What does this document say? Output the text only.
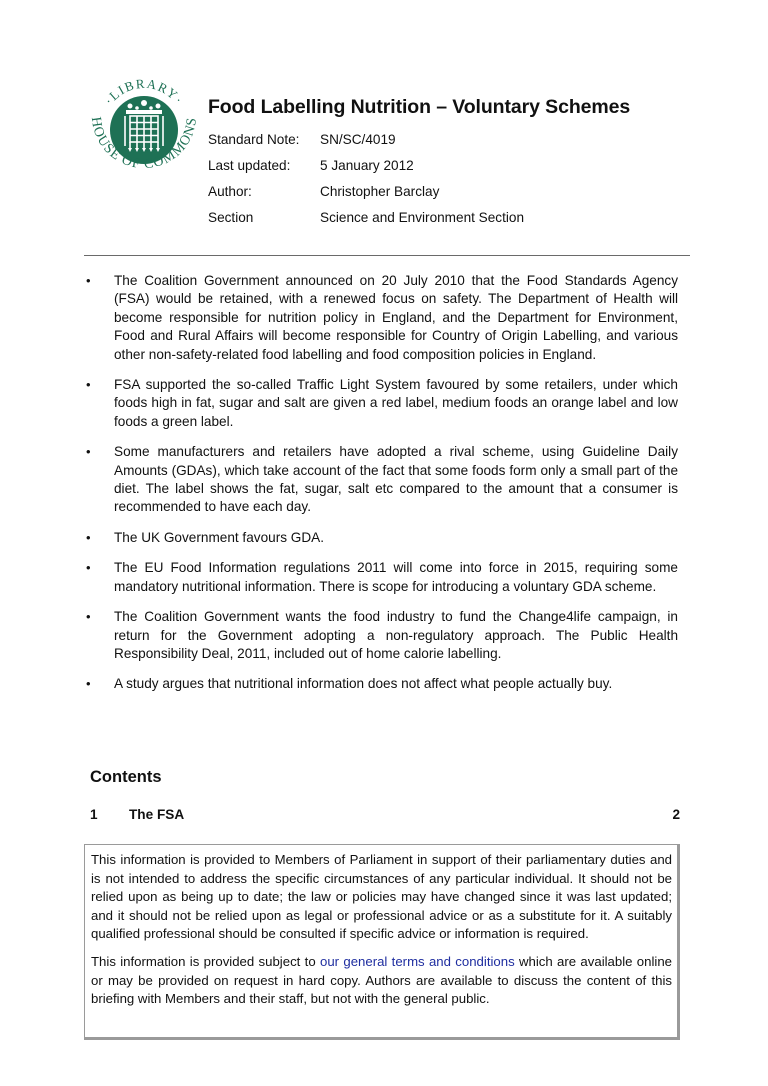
·LIBRARY·
HOUSE OF COMMONS
Food Labelling Nutrition – Voluntary Schemes
Standard Note:	SN/SC/4019
Last updated:	5 January 2012
Author:	Christopher Barclay
Section	Science and Environment Section
• The Coalition Government announced on 20 July 2010 that the Food Standards Agency (FSA) would be retained, with a renewed focus on safety. The Department of Health will become responsible for nutrition policy in England, and the Department for Environment, Food and Rural Affairs will become responsible for Country of Origin Labelling, and various other non-safety-related food labelling and food composition policies in England.
• FSA supported the so-called Traffic Light System favoured by some retailers, under which foods high in fat, sugar and salt are given a red label, medium foods an orange label and low foods a green label.
• Some manufacturers and retailers have adopted a rival scheme, using Guideline Daily Amounts (GDAs), which take account of the fact that some foods form only a small part of the diet. The label shows the fat, sugar, salt etc compared to the amount that a consumer is recommended to have each day.
• The UK Government favours GDA.
• The EU Food Information regulations 2011 will come into force in 2015, requiring some mandatory nutritional information. There is scope for introducing a voluntary GDA scheme.
• The Coalition Government wants the food industry to fund the Change4life campaign, in return for the Government adopting a non-regulatory approach. The Public Health Responsibility Deal, 2011, included out of home calorie labelling.
• A study argues that nutritional information does not affect what people actually buy.
Contents
1	The FSA	2

This information is provided to Members of Parliament in support of their parliamentary duties and is not intended to address the specific circumstances of any particular individual. It should not be relied upon as being up to date; the law or policies may have changed since it was last updated; and it should not be relied upon as legal or professional advice or as a substitute for it. A suitably qualified professional should be consulted if specific advice or information is required.

This information is provided subject to our general terms and conditions which are available online or may be provided on request in hard copy. Authors are available to discuss the content of this briefing with Members and their staff, but not with the general public.
